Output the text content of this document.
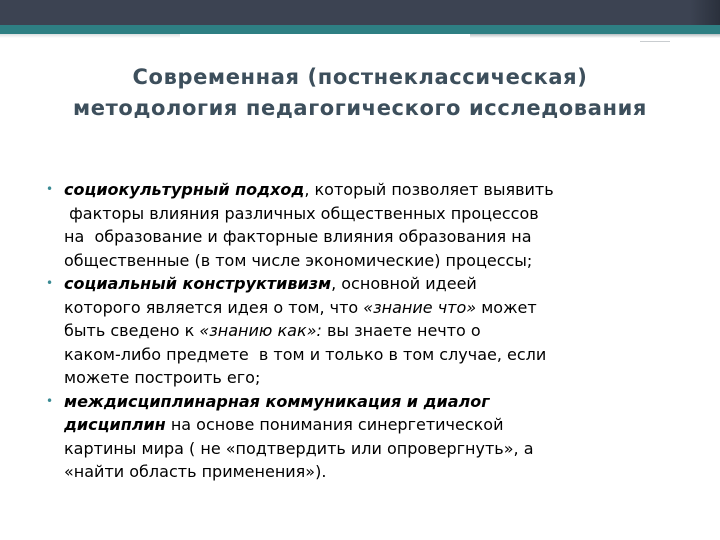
Современная (постнеклассическая)
методология педагогического исследования
• социокультурный подход, который позволяет выявить
факторы влияния различных общественных процессов
на  образование и факторные влияния образования на
общественные (в том числе экономические) процессы;
• социальный конструктивизм, основной идеей
которого является идея о том, что «знание что» может
быть сведено к «знанию как»: вы знаете нечто о
каком-либо предмете  в том и только в том случае, если
можете построить его;
• междисциплинарная коммуникация и диалог
дисциплин на основе понимания синергетической
картины мира ( не «подтвердить или опровергнуть», а
«найти область применения»).
